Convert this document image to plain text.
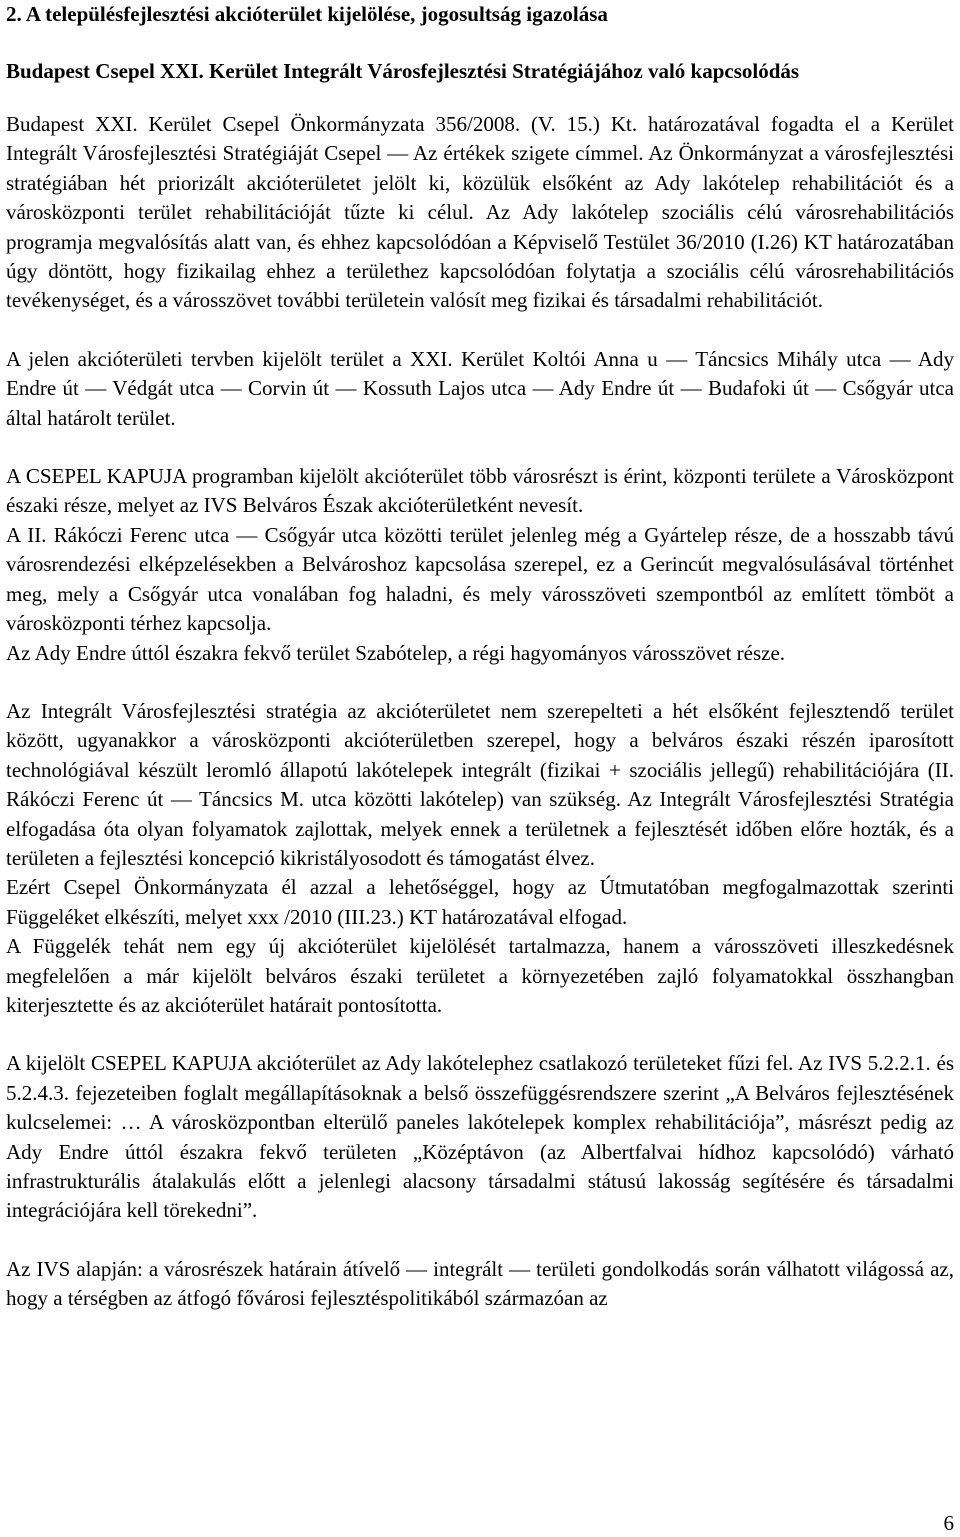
2. A településfejlesztési akcióterület kijelölése, jogosultság igazolása
Budapest Csepel XXI. Kerület Integrált Városfejlesztési Stratégiájához való kapcsolódás

Budapest XXI. Kerület Csepel Önkormányzata 356/2008. (V. 15.) Kt. határozatával fogadta el a Kerület Integrált Városfejlesztési Stratégiáját Csepel ― Az értékek szigete címmel. Az Önkormányzat a városfejlesztési stratégiában hét priorizált akcióterületet jelölt ki, közülük elsőként az Ady lakótelep rehabilitációt és a városközponti terület rehabilitációját tűzte ki célul. Az Ady lakótelep szociális célú városrehabilitációs programja megvalósítás alatt van, és ehhez kapcsolódóan a Képviselő Testület 36/2010 (I.26) KT határozatában úgy döntött, hogy fizikailag ehhez a területhez kapcsolódóan folytatja a szociális célú városrehabilitációs tevékenységet, és a városszövet további területein valósít meg fizikai és társadalmi rehabilitációt.

A jelen akcióterületi tervben kijelölt terület a XXI. Kerület Koltói Anna u ― Táncsics Mihály utca ― Ady Endre út ― Védgát utca ― Corvin út ― Kossuth Lajos utca ― Ady Endre út ― Budafoki út ― Csőgyár utca által határolt terület.

A CSEPEL KAPUJA programban kijelölt akcióterület több városrészt is érint, központi területe a Városközpont északi része, melyet az IVS Belváros Észak akcióterületként nevesít.

A II. Rákóczi Ferenc utca ― Csőgyár utca közötti terület jelenleg még a Gyártelep része, de a hosszabb távú városrendezési elképzelésekben a Belvároshoz kapcsolása szerepel, ez a Gerincút megvalósulásával történhet meg, mely a Csőgyár utca vonalában fog haladni, és mely városszöveti szempontból az említett tömböt a városközponti térhez kapcsolja.

Az Ady Endre úttól északra fekvő terület Szabótelep, a régi hagyományos városszövet része.

Az Integrált Városfejlesztési stratégia az akcióterületet nem szerepelteti a hét elsőként fejlesztendő terület között, ugyanakkor a városközponti akcióterületben szerepel, hogy a belváros északi részén iparosított technológiával készült leromló állapotú lakótelepek integrált (fizikai + szociális jellegű) rehabilitációjára (II. Rákóczi Ferenc út ― Táncsics M. utca közötti lakótelep) van szükség. Az Integrált Városfejlesztési Stratégia elfogadása óta olyan folyamatok zajlottak, melyek ennek a területnek a fejlesztését időben előre hozták, és a területen a fejlesztési koncepció kikristályosodott és támogatást élvez.

Ezért Csepel Önkormányzata él azzal a lehetőséggel, hogy az Útmutatóban megfogalmazottak szerinti Függeléket elkészíti, melyet xxx /2010 (III.23.) KT határozatával elfogad.

A Függelék tehát nem egy új akcióterület kijelölését tartalmazza, hanem a városszöveti illeszkedésnek megfelelően a már kijelölt belváros északi területet a környezetében zajló folyamatokkal összhangban kiterjesztette és az akcióterület határait pontosította.

A kijelölt CSEPEL KAPUJA akcióterület az Ady lakótelephez csatlakozó területeket fűzi fel. Az IVS 5.2.2.1. és 5.2.4.3. fejezeteiben foglalt megállapításoknak a belső összefüggésrendszere szerint „A Belváros fejlesztésének kulcselemei: … A városközpontban elterülő paneles lakótelepek komplex rehabilitációja”, másrészt pedig az Ady Endre úttól északra fekvő területen „Középtávon (az Albertfalvai hídhoz kapcsolódó) várható infrastrukturális átalakulás előtt a jelenlegi alacsony társadalmi státusú lakosság segítésére és társadalmi integrációjára kell törekedni”.

Az IVS alapján: a városrészek határain átívelő ― integrált ― területi gondolkodás során válhatott világossá az, hogy a térségben az átfogó fővárosi fejlesztéspolitikából származóan az

6
